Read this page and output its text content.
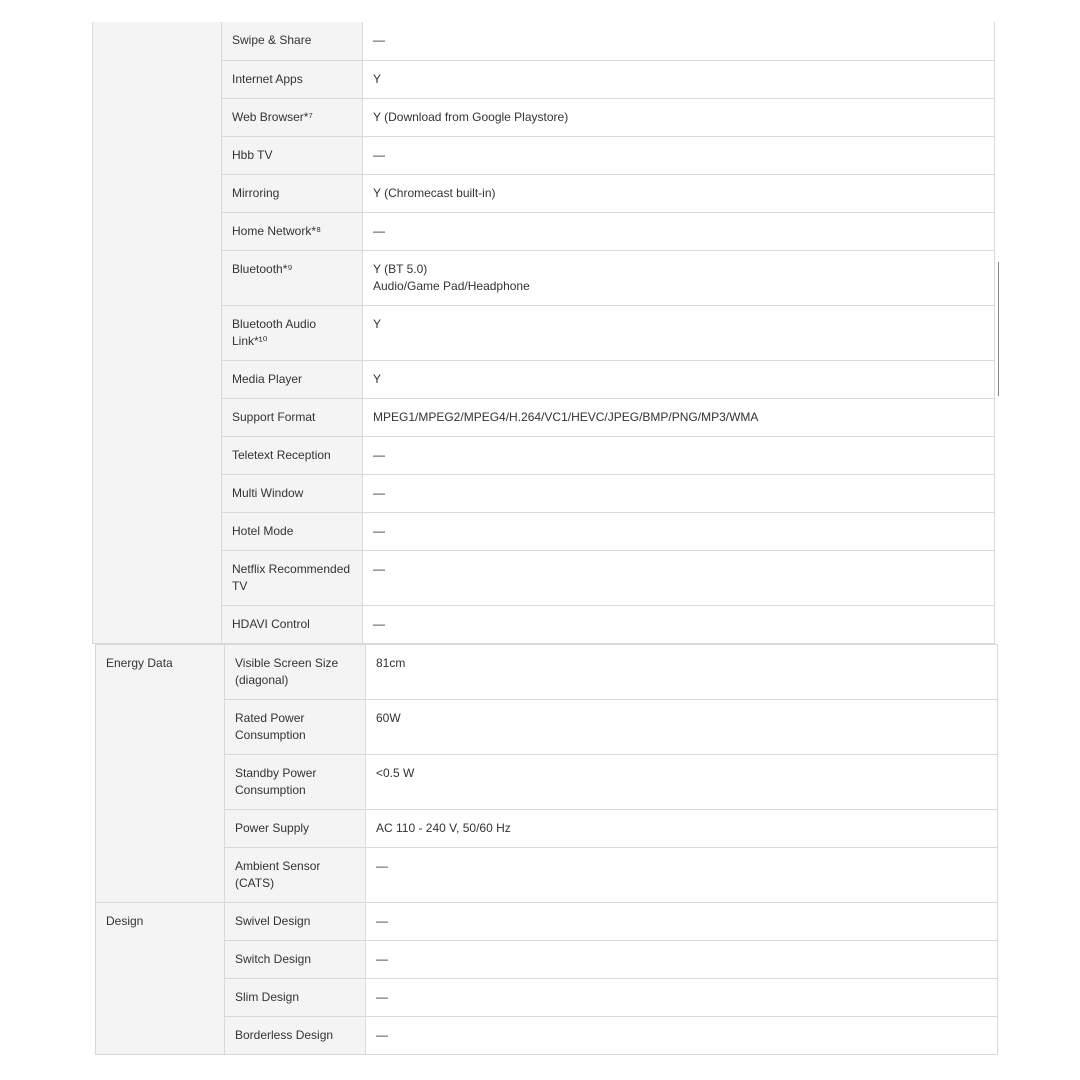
	Swipe & Share	—

	Internet Apps	Y

	Web Browser*⁷	Y (Download from Google Playstore)

	Hbb TV	—

	Mirroring	Y (Chromecast built-in)

	Home Network*⁸	—

	Bluetooth*⁹	Y (BT 5.0)
Audio/Game Pad/Headphone

	Bluetooth Audio Link*¹⁰	Y

	Media Player	Y

	Support Format	MPEG1/MPEG2/MPEG4/H.264/VC1/HEVC/JPEG/BMP/PNG/MP3/WMA

	Teletext Reception	—

	Multi Window	—

	Hotel Mode	—

	Netflix Recommended TV	—

	HDAVI Control	—
Energy Data	Visible Screen Size (diagonal)	81cm

	Rated Power Consumption	60W

	Standby Power Consumption	<0.5 W

	Power Supply	AC 110 - 240 V, 50/60 Hz

	Ambient Sensor (CATS)	—

Design	Swivel Design	—

	Switch Design	—

	Slim Design	—

	Borderless Design	—
